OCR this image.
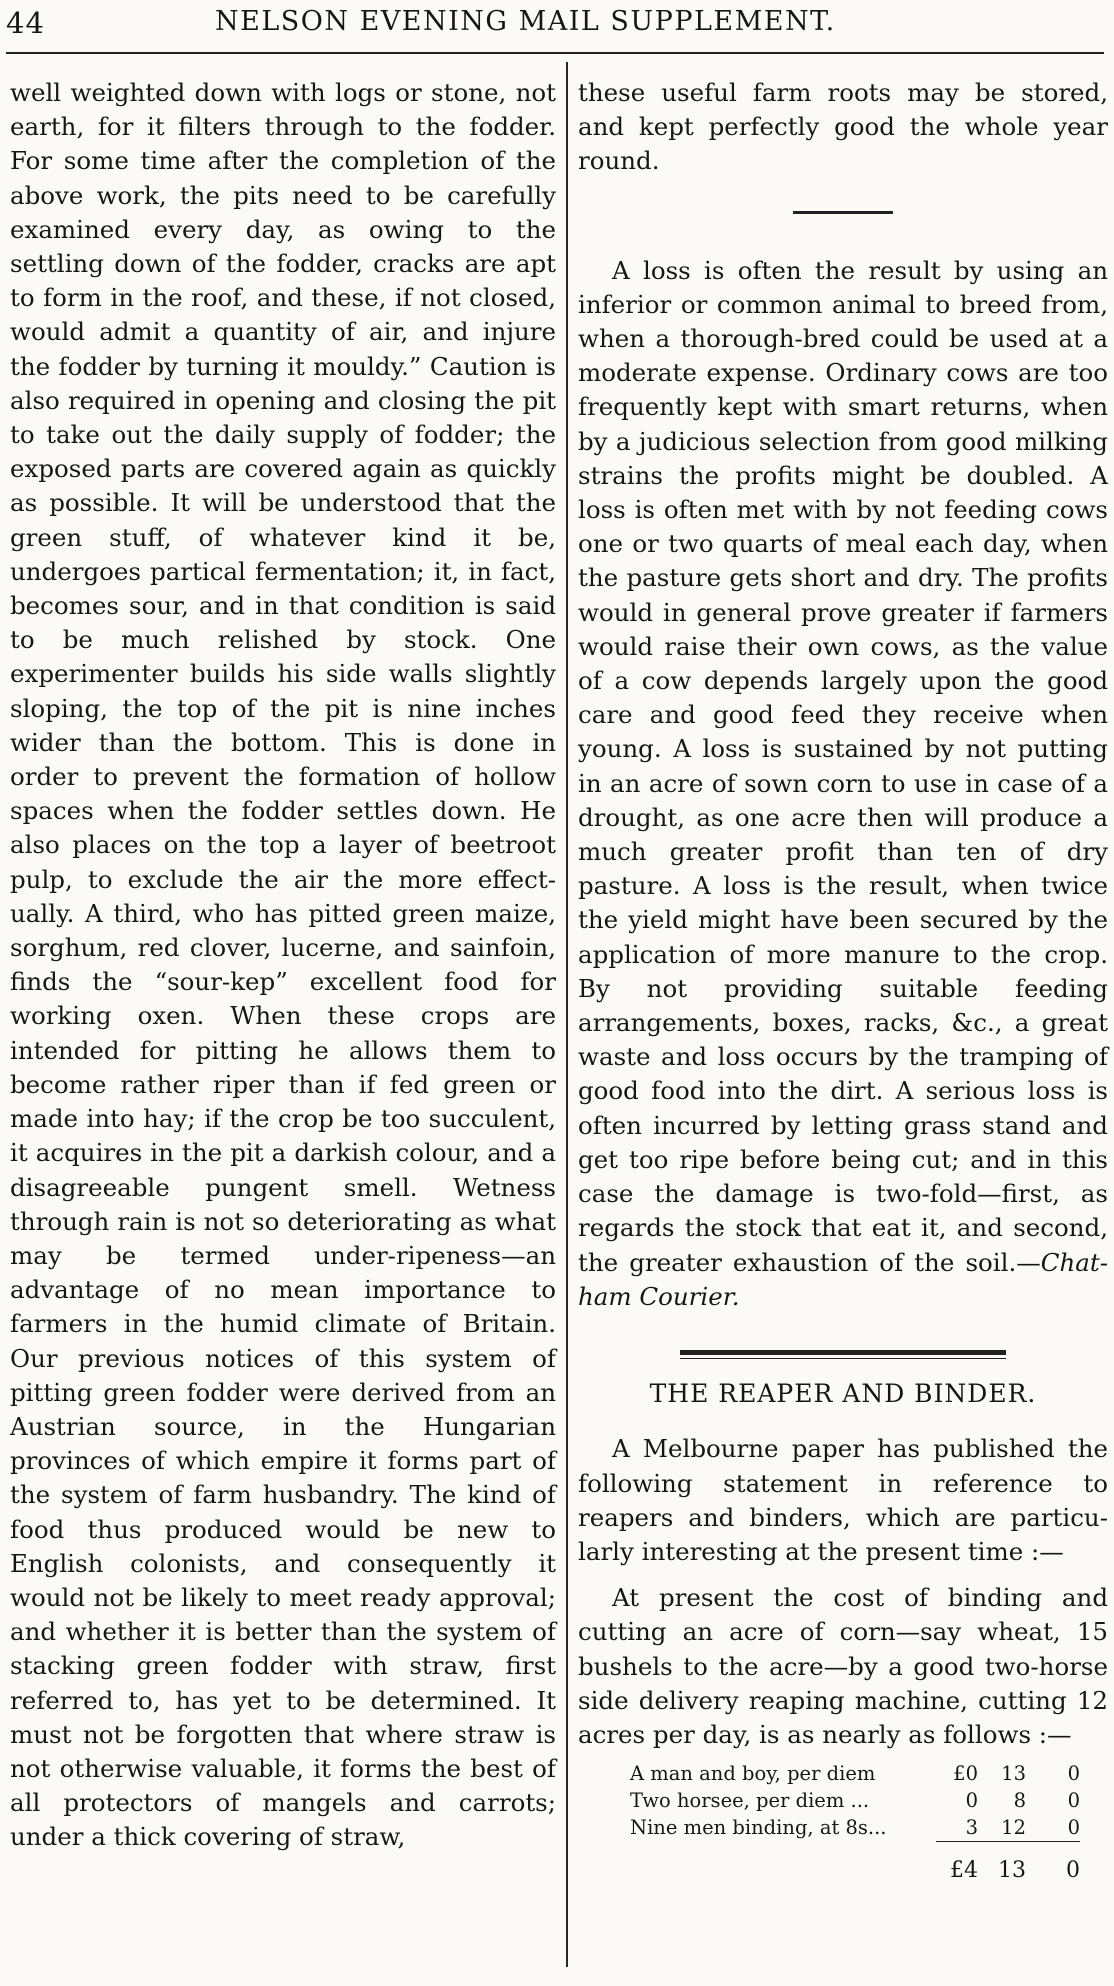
44	NELSON EVENING MAIL SUPPLEMENT.

well weighted down with logs or stone, not earth, for it filters through to the fodder. For some time after the completion of the above work, the pits need to be carefully examined every day, as owing to the settling down of the fodder, cracks are apt to form in the roof, and these, if not closed, would admit a quantity of air, and injure the fodder by turning it mouldy.” Caution is also required in opening and closing the pit to take out the daily supply of fodder; the exposed parts are covered again as quickly as possible. It will be understood that the green stuff, of whatever kind it be, undergoes partical fermentation; it, in fact, becomes sour, and in that condition is said to be much relished by stock. One experimenter builds his side walls slightly sloping, the top of the pit is nine inches wider than the bottom. This is done in order to prevent the formation of hollow spaces when the fodder settles down. He also places on the top a layer of beetroot pulp, to exclude the air the more effectually. A third, who has pitted green maize, sorghum, red clover, lucerne, and sainfoin, finds the “sour-kep” excellent food for working oxen. When these crops are intended for pitting he allows them to become rather riper than if fed green or made into hay; if the crop be too succulent, it acquires in the pit a darkish colour, and a disagreeable pungent smell. Wetness through rain is not so deteriorating as what may be termed under-ripeness—an advantage of no mean importance to farmers in the humid climate of Britain. Our previous notices of this system of pitting green fodder were derived from an Austrian source, in the Hungarian provinces of which empire it forms part of the system of farm husbandry. The kind of food thus produced would be new to English colonists, and consequently it would not be likely to meet ready approval; and whether it is better than the system of stacking green fodder with straw, first referred to, has yet to be determined. It must not be forgotten that where straw is not otherwise valuable, it forms the best of all protectors of mangels and carrots; under a thick covering of straw,

these useful farm roots may be stored, and kept perfectly good the whole year round.

A loss is often the result by using an inferior or common animal to breed from, when a thorough-bred could be used at a moderate expense. Ordinary cows are too frequently kept with smart returns, when by a judicious selection from good milking strains the profits might be doubled. A loss is often met with by not feeding cows one or two quarts of meal each day, when the pasture gets short and dry. The profits would in general prove greater if farmers would raise their own cows, as the value of a cow depends largely upon the good care and good feed they receive when young. A loss is sustained by not putting in an acre of sown corn to use in case of a drought, as one acre then will produce a much greater profit than ten of dry pasture. A loss is the result, when twice the yield might have been secured by the application of more manure to the crop. By not providing suitable feeding arrangements, boxes, racks, &c., a great waste and loss occurs by the tramping of good food into the dirt. A serious loss is often incurred by letting grass stand and get too ripe before being cut; and in this case the damage is two-fold—first, as regards the stock that eat it, and second, the greater exhaustion of the soil.—Chatham Courier.

THE REAPER AND BINDER.

A Melbourne paper has published the following statement in reference to reapers and binders, which are particularly interesting at the present time :—

At present the cost of binding and cutting an acre of corn—say wheat, 15 bushels to the acre—by a good two-horse side delivery reaping machine, cutting 12 acres per day, is as nearly as follows :—

A man and boy, per diem	£0	13	0
Two horsee, per diem ...	0	8	0
Nine men binding, at 8s...	3	12	0

	£4	13	0
